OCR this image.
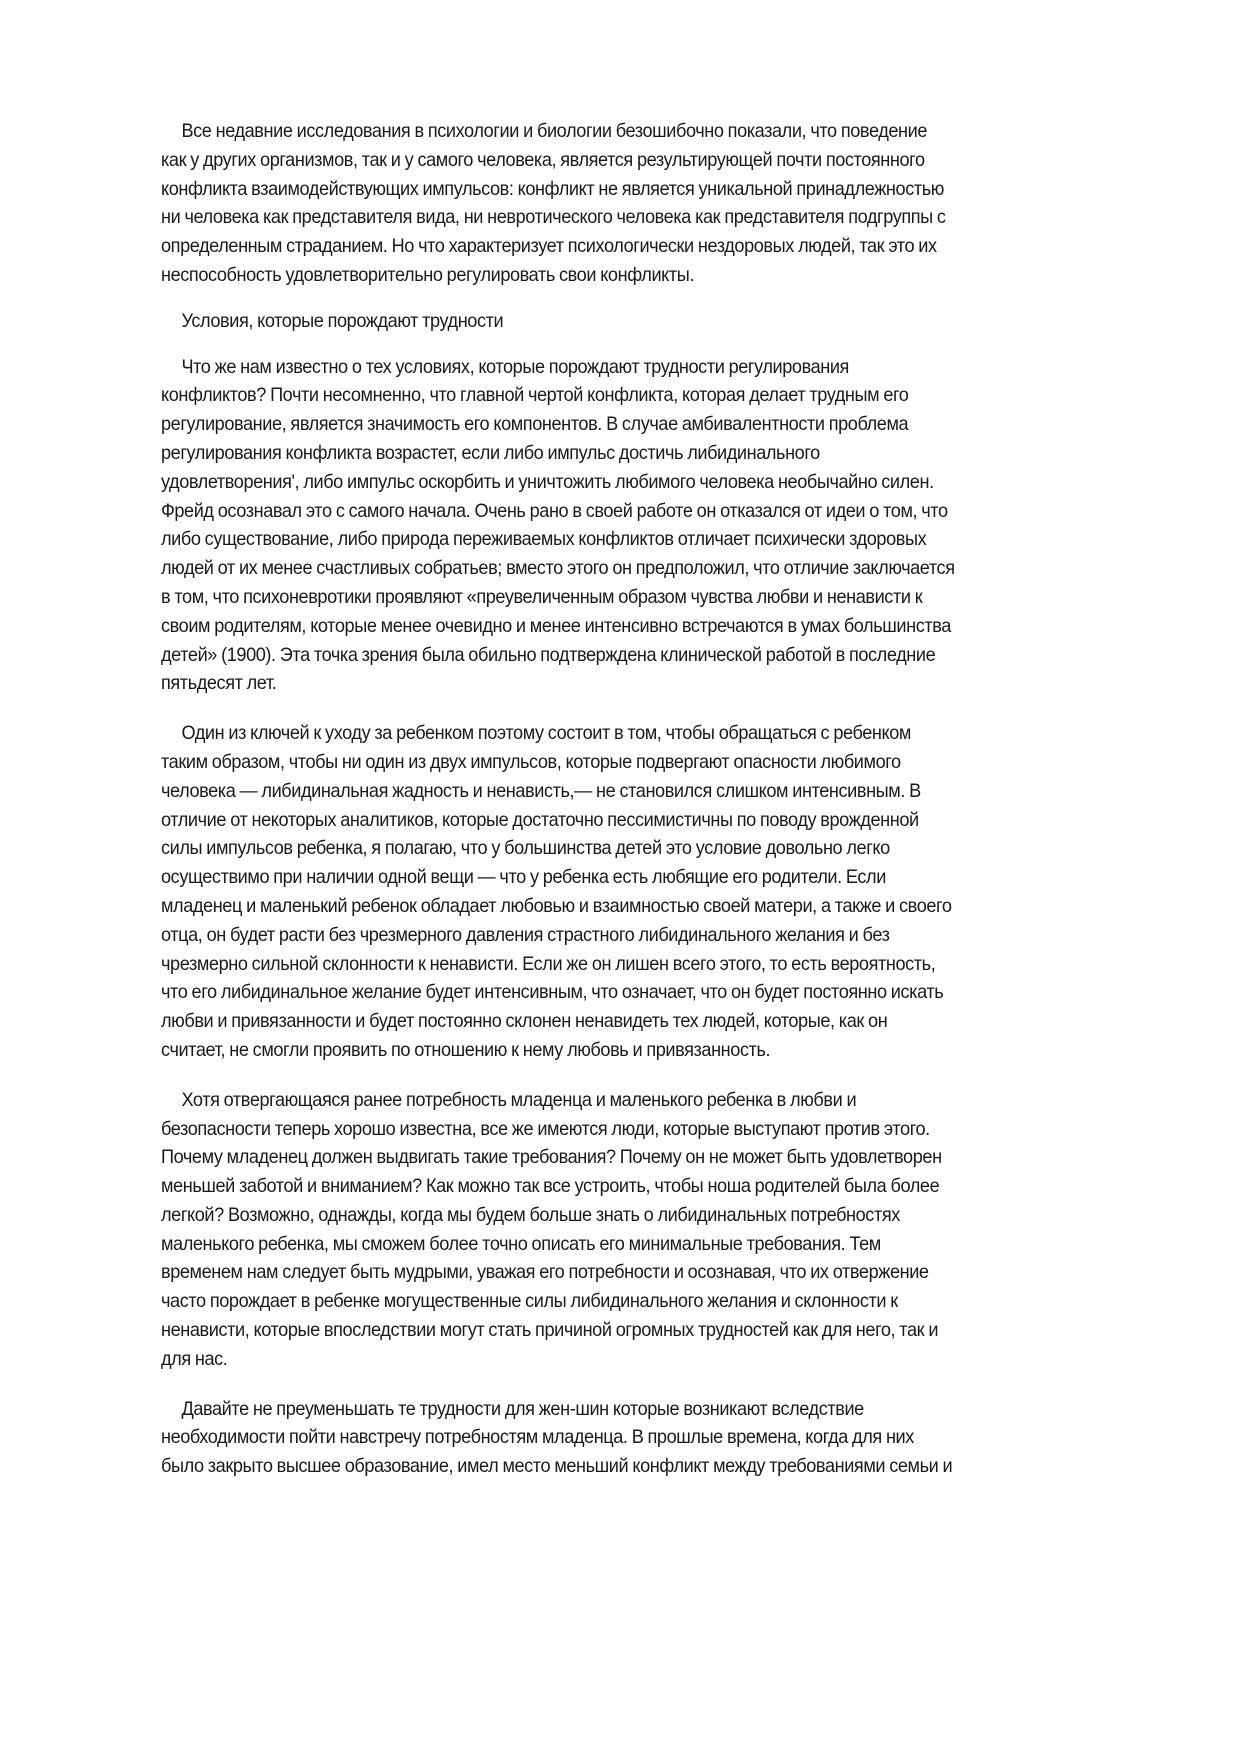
Все недавние исследования в психологии и биологии безошибочно показали, что поведение
как у других организмов, так и у самого человека, является результирующей почти постоянного
конфликта взаимодействующих импульсов: конфликт не является уникальной принадлежностью
ни человека как представителя вида, ни невротического человека как представителя подгруппы с
определенным страданием. Но что характеризует психологически нездоровых людей, так это их
неспособность удовлетворительно регулировать свои конфликты.
Условия, которые порождают трудности
Что же нам известно о тех условиях, которые порождают трудности регулирования
конфликтов? Почти несомненно, что главной чертой конфликта, которая делает трудным его
регулирование, является значимость его компонентов. В случае амбивалентности проблема
регулирования конфликта возрастет, если либо импульс достичь либидинального
удовлетворения', либо импульс оскорбить и уничтожить любимого человека необычайно силен.
Фрейд осознавал это с самого начала. Очень рано в своей работе он отказался от идеи о том, что
либо существование, либо природа переживаемых конфликтов отличает психически здоровых
людей от их менее счастливых собратьев; вместо этого он предположил, что отличие заключается
в том, что психоневротики проявляют «преувеличенным образом чувства любви и ненависти к
своим родителям, которые менее очевидно и менее интенсивно встречаются в умах большинства
детей» (1900). Эта точка зрения была обильно подтверждена клинической работой в последние
пятьдесят лет.
Один из ключей к уходу за ребенком поэтому состоит в том, чтобы обращаться с ребенком
таким образом, чтобы ни один из двух импульсов, которые подвергают опасности любимого
человека — либидинальная жадность и ненависть,— не становился слишком интенсивным. В
отличие от некоторых аналитиков, которые достаточно пессимистичны по поводу врожденной
силы импульсов ребенка, я полагаю, что у большинства детей это условие довольно легко
осуществимо при наличии одной вещи — что у ребенка есть любящие его родители. Если
младенец и маленький ребенок обладает любовью и взаимностью своей матери, а также и своего
отца, он будет расти без чрезмерного давления страстного либидинального желания и без
чрезмерно сильной склонности к ненависти. Если же он лишен всего этого, то есть вероятность,
что его либидинальное желание будет интенсивным, что означает, что он будет постоянно искать
любви и привязанности и будет постоянно склонен ненавидеть тех людей, которые, как он
считает, не смогли проявить по отношению к нему любовь и привязанность.
Хотя отвергающаяся ранее потребность младенца и маленького ребенка в любви и
безопасности теперь хорошо известна, все же имеются люди, которые выступают против этого.
Почему младенец должен выдвигать такие требования? Почему он не может быть удовлетворен
меньшей заботой и вниманием? Как можно так все устроить, чтобы ноша родителей была более
легкой? Возможно, однажды, когда мы будем больше знать о либидинальных потребностях
маленького ребенка, мы сможем более точно описать его минимальные требования. Тем
временем нам следует быть мудрыми, уважая его потребности и осознавая, что их отвержение
часто порождает в ребенке могущественные силы либидинального желания и склонности к
ненависти, которые впоследствии могут стать причиной огромных трудностей как для него, так и
для нас.
Давайте не преуменьшать те трудности для жен-шин которые возникают вследствие
необходимости пойти навстречу потребностям младенца. В прошлые времена, когда для них
было закрыто высшее образование, имел место меньший конфликт между требованиями семьи и
